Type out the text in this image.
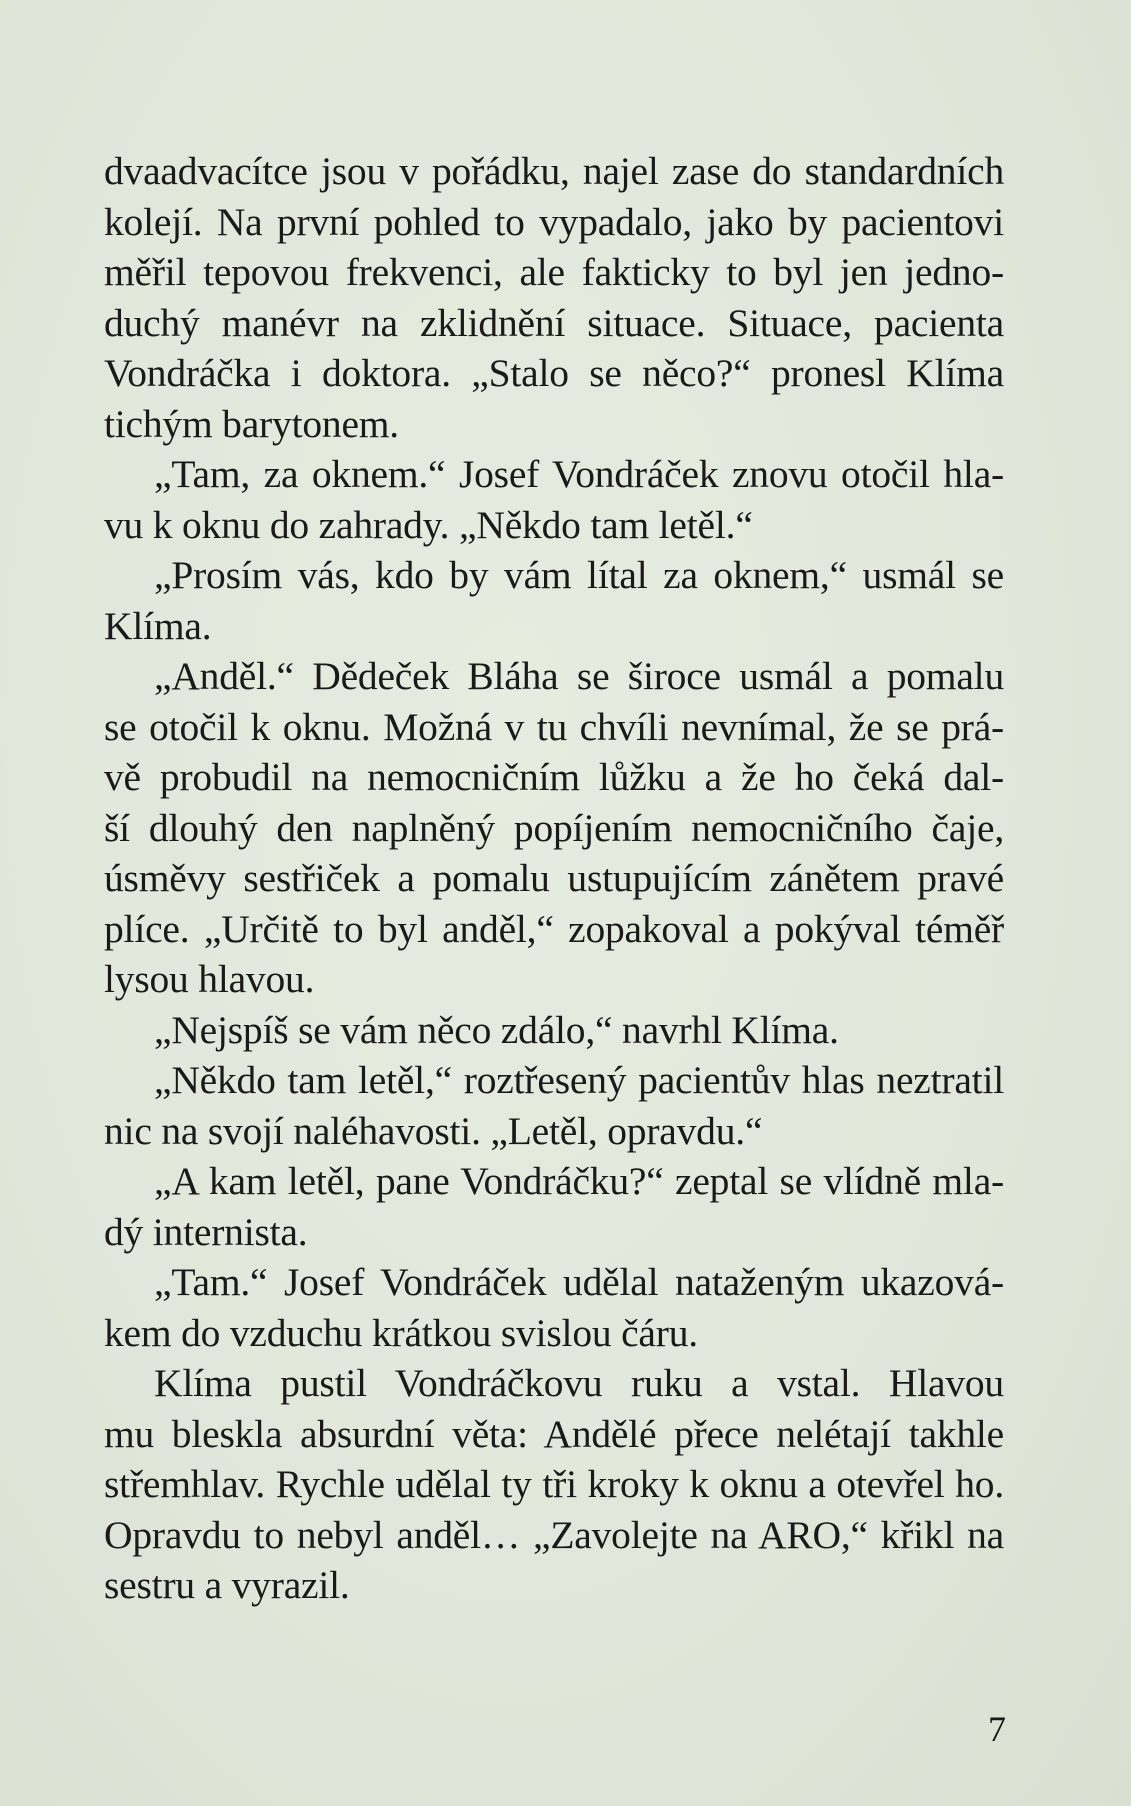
dvaadvacítce jsou v pořádku, najel zase do standardních
kolejí. Na první pohled to vypadalo, jako by pacientovi
měřil tepovou frekvenci, ale fakticky to byl jen jedno-
duchý manévr na zklidnění situace. Situace, pacienta
Vondráčka i doktora. „Stalo se něco?“ pronesl Klíma
tichým barytonem.
„Tam, za oknem.“ Josef Vondráček znovu otočil hla-
vu k oknu do zahrady. „Někdo tam letěl.“
„Prosím vás, kdo by vám lítal za oknem,“ usmál se
Klíma.
„Anděl.“ Dědeček Bláha se široce usmál a pomalu
se otočil k oknu. Možná v tu chvíli nevnímal, že se prá-
vě probudil na nemocničním lůžku a že ho čeká dal-
ší dlouhý den naplněný popíjením nemocničního čaje,
úsměvy sestřiček a pomalu ustupujícím zánětem pravé
plíce. „Určitě to byl anděl,“ zopakoval a pokýval téměř
lysou hlavou.
„Nejspíš se vám něco zdálo,“ navrhl Klíma.
„Někdo tam letěl,“ roztřesený pacientův hlas neztratil
nic na svojí naléhavosti. „Letěl, opravdu.“
„A kam letěl, pane Vondráčku?“ zeptal se vlídně mla-
dý internista.
„Tam.“ Josef Vondráček udělal nataženým ukazová-
kem do vzduchu krátkou svislou čáru.
Klíma pustil Vondráčkovu ruku a vstal. Hlavou
mu bleskla absurdní věta: Andělé přece nelétají takhle
střemhlav. Rychle udělal ty tři kroky k oknu a otevřel ho.
Opravdu to nebyl anděl… „Zavolejte na ARO,“ křikl na
sestru a vyrazil.
7
